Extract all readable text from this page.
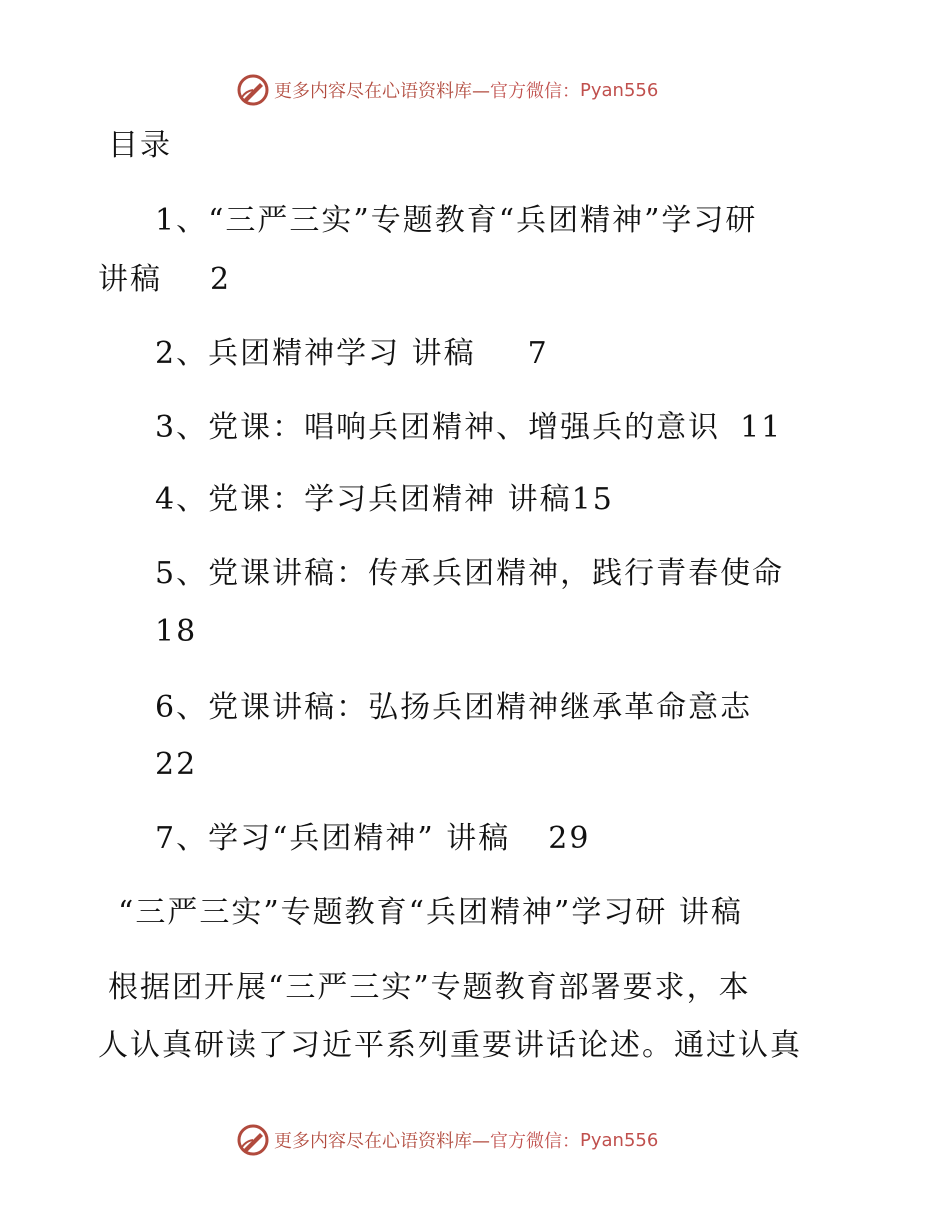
更多内容尽在心语资料库— 官方微信： Pyan556
目录
1、“三严三实”专题教育“兵团精神”学习研
讲稿 2
2、兵团精神学习 讲稿 7
3、党课：唱响兵团精神、增强兵的意识 11
4、党课：学习兵团精神 讲稿15
5、党课讲稿：传承兵团精神，践行青春使命
18
6、党课讲稿：弘扬兵团精神继承革命意志
22
7、学习“兵团精神” 讲稿 29
“三严三实”专题教育“兵团精神”学习研 讲稿
根据团开展“三严三实”专题教育部署要求，本
人认真研读了习近平系列重要讲话论述。通过认真
更多内容尽在心语资料库— 官方微信： Pyan556
